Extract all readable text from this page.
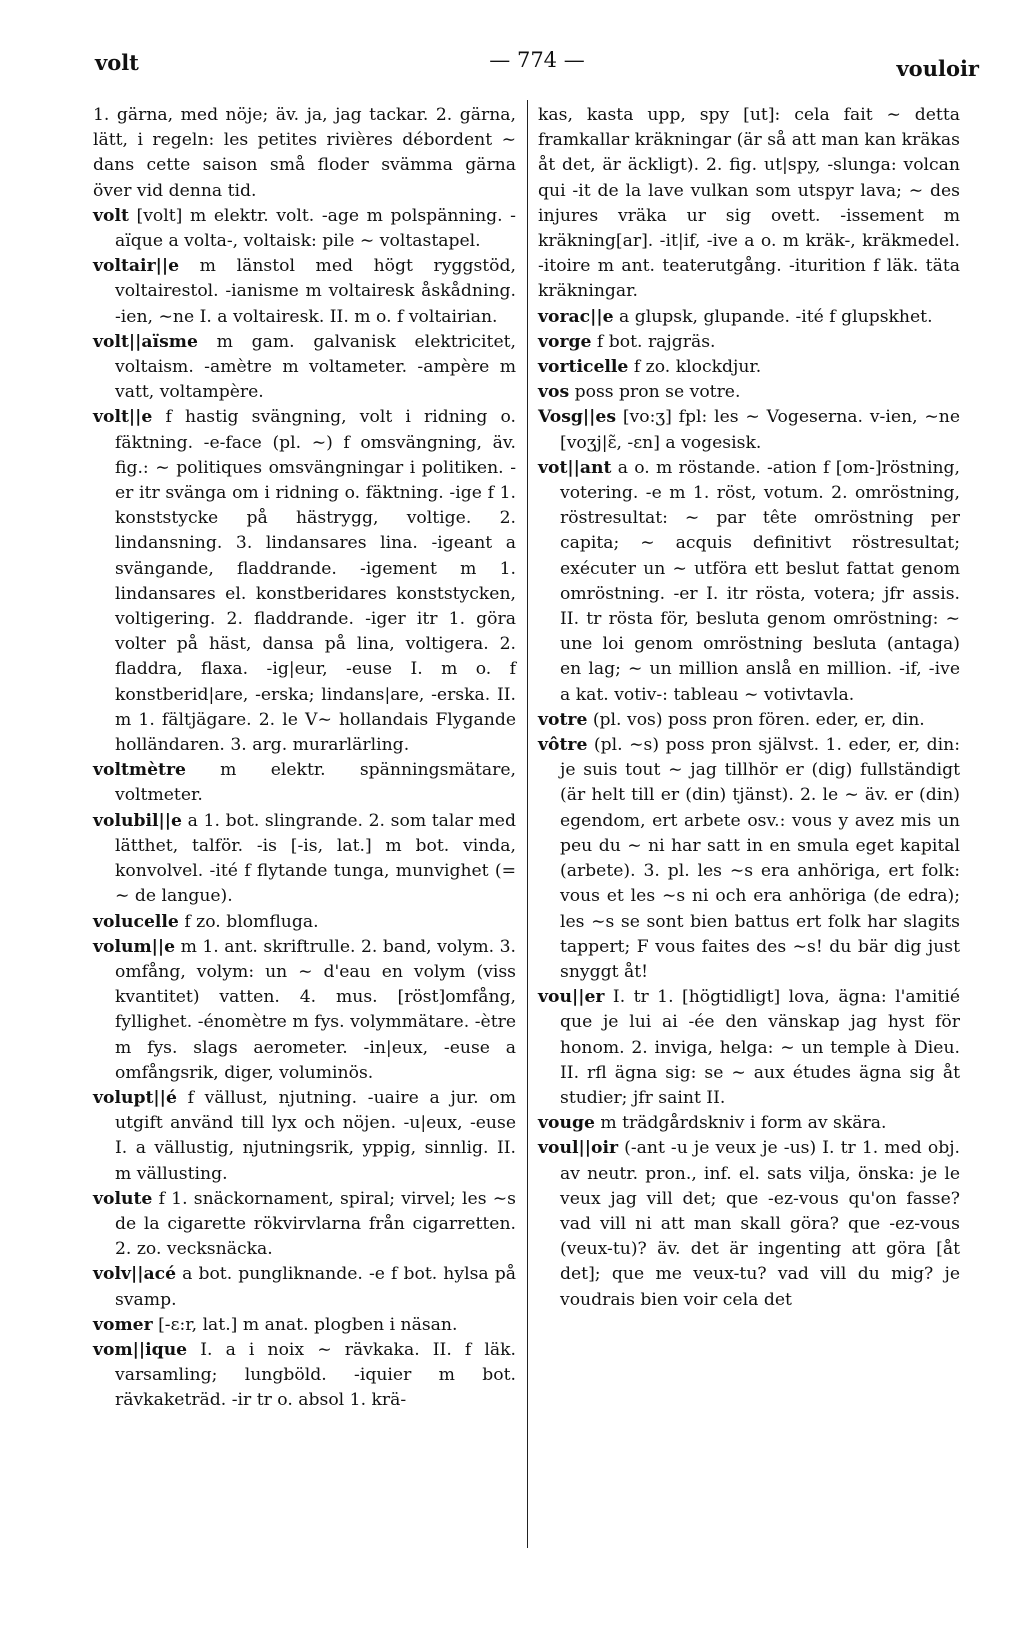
volt	— 774 —	vouloir
1. gärna, med nöje; äv. ja, jag tackar. 2. gärna, lätt, i regeln: les petites rivières débordent ∼ dans cette saison små floder svämma gärna över vid denna tid.
volt [volt] m elektr. volt. -age m polspänning. -aïque a volta-, voltaisk: pile ∼ voltastapel.
voltair||e m länstol med högt ryggstöd, voltairestol. -ianisme m voltairesk åskådning. -ien, ∼ne I. a voltairesk. II. m o. f voltairian.
volt||aïsme m gam. galvanisk elektricitet, voltaism. -amètre m voltameter. -ampère m vatt, voltampère.
volt||e f hastig svängning, volt i ridning o. fäktning. -e-face (pl. ∼) f omsvängning, äv. fig.: ∼ politiques omsvängningar i politiken. -er itr svänga om i ridning o. fäktning. -ige f 1. konststycke på hästrygg, voltige. 2. lindansning. 3. lindansares lina. -igeant a svängande, fladdrande. -igement m 1. lindansares el. konstberidares konststycken, voltigering. 2. fladdrande. -iger itr 1. göra volter på häst, dansa på lina, voltigera. 2. fladdra, flaxa. -ig|eur, -euse I. m o. f konstberid|are, -erska; lindans|are, -erska. II. m 1. fältjägare. 2. le V∼ hollandais Flygande holländaren. 3. arg. murarlärling.
voltmètre m elektr. spänningsmätare, voltmeter.
volubil||e a 1. bot. slingrande. 2. som talar med lätthet, talför. -is [-is, lat.] m bot. vinda, konvolvel. -ité f flytande tunga, munvighet (= ∼ de langue).
volucelle f zo. blomfluga.
volum||e m 1. ant. skriftrulle. 2. band, volym. 3. omfång, volym: un ∼ d'eau en volym (viss kvantitet) vatten. 4. mus. [röst]omfång, fyllighet. -énomètre m fys. volymmätare. -ètre m fys. slags aerometer. -in|eux, -euse a omfångsrik, diger, voluminös.
volupt||é f vällust, njutning. -uaire a jur. om utgift använd till lyx och nöjen. -u|eux, -euse I. a vällustig, njutningsrik, yppig, sinnlig. II. m vällusting.
volute f 1. snäckornament, spiral; virvel; les ∼s de la cigarette rökvirvlarna från cigarretten. 2. zo. vecksnäcka.
volv||acé a bot. pungliknande. -e f bot. hylsa på svamp.
vomer [-ɛ:r, lat.] m anat. plogben i näsan.
vom||ique I. a i noix ∼ rävkaka. II. f läk. varsamling; lungböld. -iquier m bot. rävkaketräd. -ir tr o. absol 1. krä-
kas, kasta upp, spy [ut]: cela fait ∼ detta framkallar kräkningar (är så att man kan kräkas åt det, är äckligt). 2. fig. ut|spy, -slunga: volcan qui -it de la lave vulkan som utspyr lava; ∼ des injures vräka ur sig ovett. -issement m kräkning[ar]. -it|if, -ive a o. m kräk-, kräkmedel. -itoire m ant. teaterutgång. -iturition f läk. täta kräkningar.
vorac||e a glupsk, glupande. -ité f glupskhet.
vorge f bot. rajgräs.
vorticelle f zo. klockdjur.
vos poss pron se votre.
Vosg||es [vo:ʒ] fpl: les ∼ Vogeserna. v-ien, ∼ne [voʒj|ɛ̃, -ɛn] a vogesisk.
vot||ant a o. m röstande. -ation f [om-]röstning, votering. -e m 1. röst, votum. 2. omröstning, röstresultat: ∼ par tête omröstning per capita; ∼ acquis definitivt röstresultat; exécuter un ∼ utföra ett beslut fattat genom omröstning. -er I. itr rösta, votera; jfr assis. II. tr rösta för, besluta genom omröstning: ∼ une loi genom omröstning besluta (antaga) en lag; ∼ un million anslå en million. -if, -ive a kat. votiv-: tableau ∼ votivtavla.
votre (pl. vos) poss pron fören. eder, er, din.
vôtre (pl. ∼s) poss pron självst. 1. eder, er, din: je suis tout ∼ jag tillhör er (dig) fullständigt (är helt till er (din) tjänst). 2. le ∼ äv. er (din) egendom, ert arbete osv.: vous y avez mis un peu du ∼ ni har satt in en smula eget kapital (arbete). 3. pl. les ∼s era anhöriga, ert folk: vous et les ∼s ni och era anhöriga (de edra); les ∼s se sont bien battus ert folk har slagits tappert; F vous faites des ∼s! du bär dig just snyggt åt!
vou||er I. tr 1. [högtidligt] lova, ägna: l'amitié que je lui ai -ée den vänskap jag hyst för honom. 2. inviga, helga: ∼ un temple à Dieu. II. rfl ägna sig: se ∼ aux études ägna sig åt studier; jfr saint II.
vouge m trädgårdskniv i form av skära.
voul||oir (-ant -u je veux je -us) I. tr 1. med obj. av neutr. pron., inf. el. sats vilja, önska: je le veux jag vill det; que -ez-vous qu'on fasse? vad vill ni att man skall göra? que -ez-vous (veux-tu)? äv. det är ingenting att göra [åt det]; que me veux-tu? vad vill du mig? je voudrais bien voir cela det
